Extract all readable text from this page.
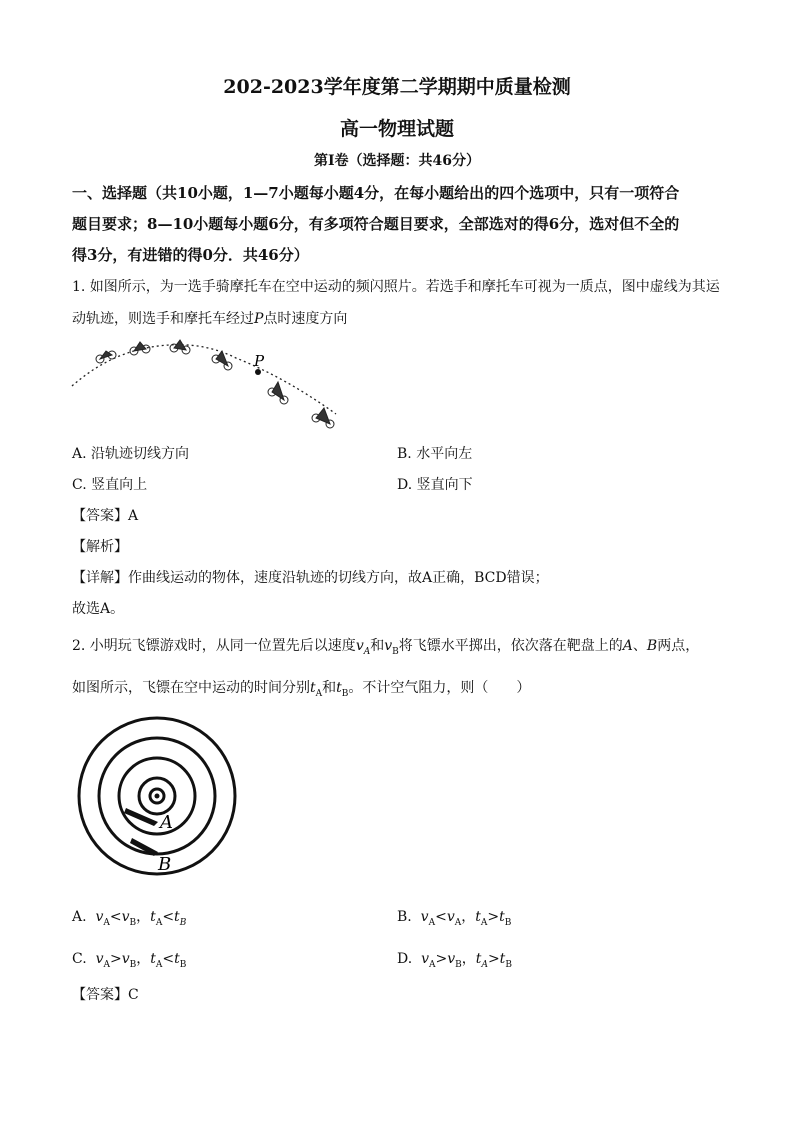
202-2023学年度第二学期期中质量检测
高一物理试题
第Ⅰ卷（选择题：共46分）
一、选择题（共10小题，1—7小题每小题4分，在每小题给出的四个选项中，只有一项符合
题目要求；8—10小题每小题6分，有多项符合题目要求，全部选对的得6分，选对但不全的
得3分，有进错的得0分．共46分）
1. 如图所示，为一选手骑摩托车在空中运动的频闪照片。若选手和摩托车可视为一质点，图中虚线为其运
动轨迹，则选手和摩托车经过P点时速度方向
P
A. 沿轨迹切线方向	B. 水平向左
C. 竖直向上	D. 竖直向下
【答案】A
【解析】
【详解】作曲线运动的物体，速度沿轨迹的切线方向，故A正确，BCD错误；
故选A。
2. 小明玩飞镖游戏时，从同一位置先后以速度$v_A$和$v_B$将飞镖水平掷出，依次落在靶盘上的A、B两点，
如图所示，飞镖在空中运动的时间分别$t_A$和$t_B$。不计空气阻力，则（　　）
A
B
A. $v_A<v_B$，$t_A<t_B$	B. $v_A<v_A$，$t_A>t_B$
C. $v_A>v_B$，$t_A<t_B$	D. $v_A>v_B$，$t_A>t_B$
【答案】C
